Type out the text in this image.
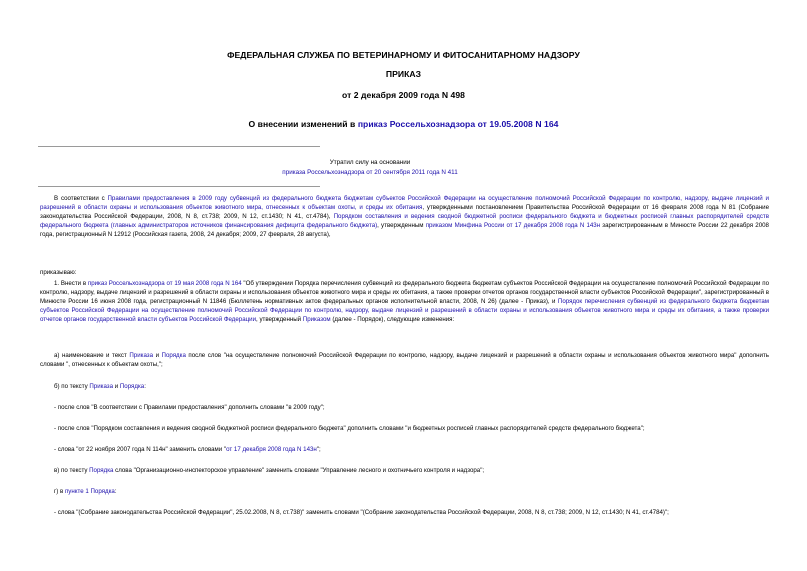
ФЕДЕРАЛЬНАЯ СЛУЖБА ПО ВЕТЕРИНАРНОМУ И ФИТОСАНИТАРНОМУ НАДЗОРУ
ПРИКАЗ
от 2 декабря 2009 года N 498
О внесении изменений в приказ Россельхознадзора от 19.05.2008 N 164
Утратил силу на основании
приказа Россельхознадзора от 20 сентября 2011 года N 411
В соответствии с Правилами предоставления в 2009 году субвенций из федерального бюджета бюджетам субъектов Российской Федерации на осуществление полномочий Российской Федерации по контролю, надзору, выдаче лицензий и разрешений в области охраны и использования объектов животного мира, отнесенных к объектам охоты, и среды их обитания, утвержденными постановлением Правительства Российской Федерации от 16 февраля 2008 года N 81 (Собрание законодательства Российской Федерации, 2008, N 8, ст.738; 2009, N 12, ст.1430; N 41, ст.4784), Порядком составления и ведения сводной бюджетной росписи федерального бюджета и бюджетных росписей главных распорядителей средств федерального бюджета (главных администраторов источников финансирования дефицита федерального бюджета), утвержденным приказом Минфина России от 17 декабря 2008 года N 143н зарегистрированным в Минюсте России 22 декабря 2008 года, регистрационный N 12912 (Российская газета, 2008, 24 декабря; 2009, 27 февраля, 28 августа),
приказываю:
1. Внести в приказ Россельхознадзора от 19 мая 2008 года N 164 "Об утверждении Порядка перечисления субвенций из федерального бюджета бюджетам субъектов Российской Федерации на осуществление полномочий Российской Федерации по контролю, надзору, выдаче лицензий и разрешений в области охраны и использования объектов животного мира и среды их обитания, а также проверки отчетов органов государственной власти субъектов Российской Федерации", зарегистрированный в Минюсте России 16 июня 2008 года, регистрационный N 11846 (Бюллетень нормативных актов федеральных органов исполнительной власти, 2008, N 26) (далее - Приказ), и Порядок перечисления субвенций из федерального бюджета бюджетам субъектов Российской Федерации на осуществление полномочий Российской Федерации по контролю, надзору, выдаче лицензий и разрешений в области охраны и использования объектов животного мира и среды их обитания, а также проверки отчетов органов государственной власти субъектов Российской Федерации, утвержденный Приказом (далее - Порядок), следующие изменения:
а) наименование и текст Приказа и Порядка после слов "на осуществление полномочий Российской Федерации по контролю, надзору, выдаче лицензий и разрешений в области охраны и использования объектов животного мира" дополнить словами ", отнесенных к объектам охоты,";
б) по тексту Приказа и Порядка:
- после слов "В соответствии с Правилами предоставления" дополнить словами "в 2009 году";
- после слов "Порядком составления и ведения сводной бюджетной росписи федерального бюджета" дополнить словами "и бюджетных росписей главных распорядителей средств федерального бюджета";
- слова "от 22 ноября 2007 года N 114н" заменить словами "от 17 декабря 2008 года N 143н";
в) по тексту Порядка слова "Организационно-инспекторское управление" заменить словами "Управление лесного и охотничьего контроля и надзора";
г) в пункте 1 Порядка:
- слова "(Собрание законодательства Российской Федерации", 25.02.2008, N 8, ст.738)" заменить словами "(Собрание законодательства Российской Федерации, 2008, N 8, ст.738; 2009, N 12, ст.1430; N 41, ст.4784)";
